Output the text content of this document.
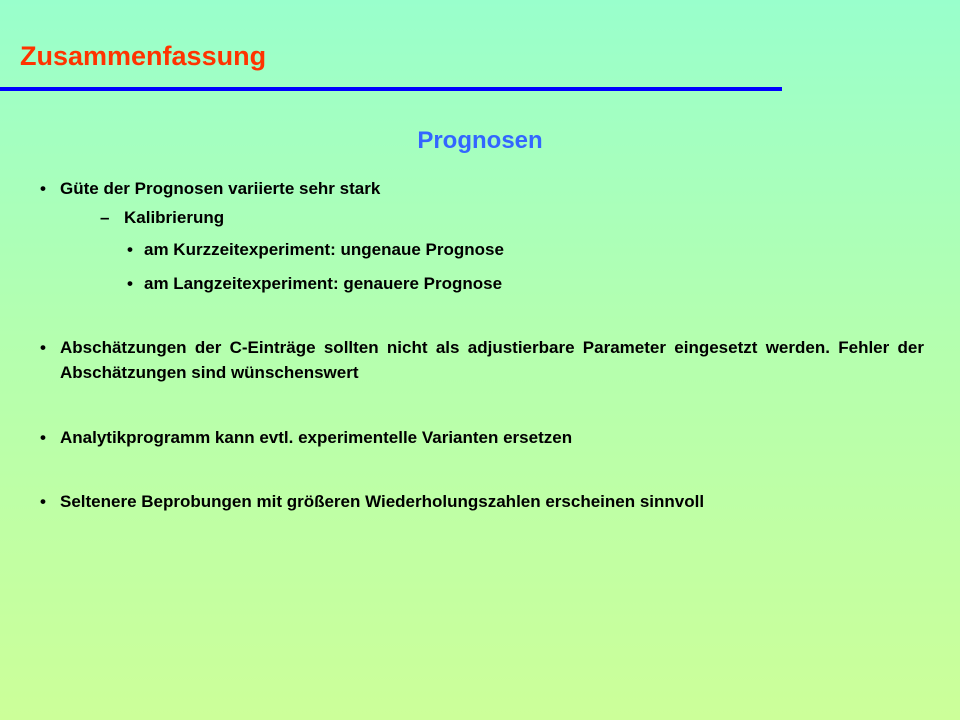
Zusammenfassung
Prognosen
• Güte der Prognosen variierte sehr stark
– Kalibrierung
• am Kurzzeitexperiment: ungenaue Prognose
• am Langzeitexperiment: genauere Prognose
• Abschätzungen der C-Einträge sollten nicht als adjustierbare Parameter eingesetzt werden. Fehler der Abschätzungen sind wünschenswert
• Analytikprogramm kann evtl. experimentelle Varianten ersetzen
• Seltenere Beprobungen mit größeren Wiederholungszahlen erscheinen sinnvoll
